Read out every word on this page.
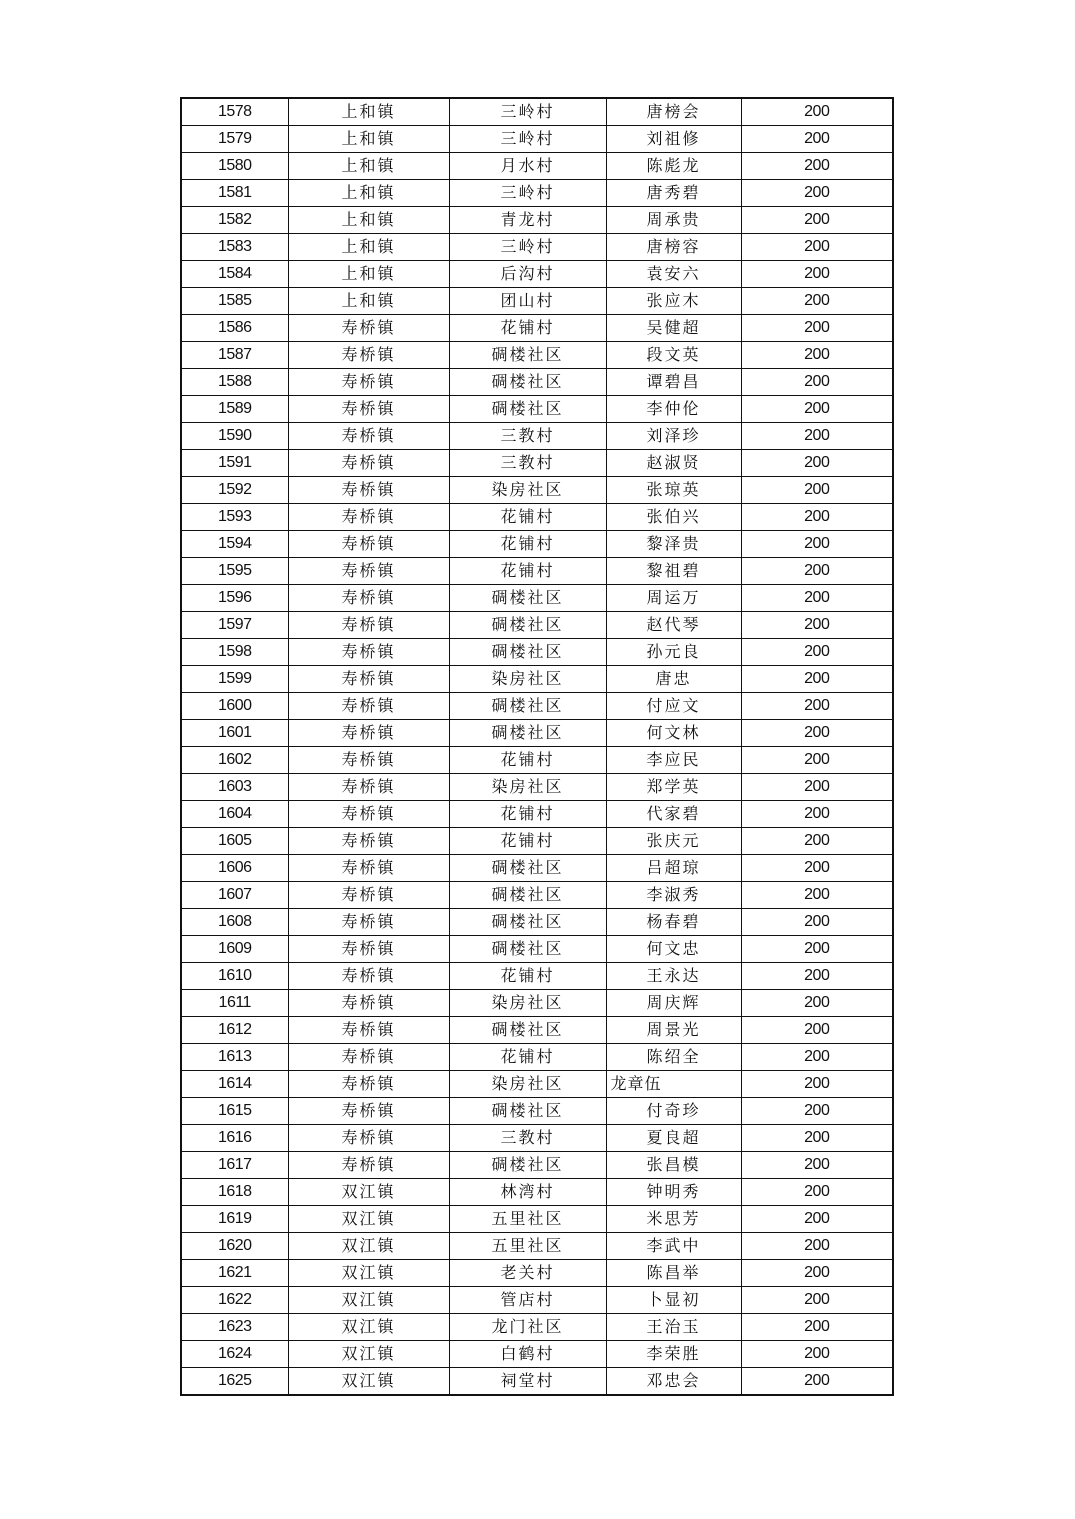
1578	上和镇	三岭村	唐榜会	200
1579	上和镇	三岭村	刘祖修	200
1580	上和镇	月水村	陈彪龙	200
1581	上和镇	三岭村	唐秀碧	200
1582	上和镇	青龙村	周承贵	200
1583	上和镇	三岭村	唐榜容	200
1584	上和镇	后沟村	袁安六	200
1585	上和镇	团山村	张应木	200
1586	寿桥镇	花铺村	吴健超	200
1587	寿桥镇	碉楼社区	段文英	200
1588	寿桥镇	碉楼社区	谭碧昌	200
1589	寿桥镇	碉楼社区	李仲伦	200
1590	寿桥镇	三教村	刘泽珍	200
1591	寿桥镇	三教村	赵淑贤	200
1592	寿桥镇	染房社区	张琼英	200
1593	寿桥镇	花铺村	张伯兴	200
1594	寿桥镇	花铺村	黎泽贵	200
1595	寿桥镇	花铺村	黎祖碧	200
1596	寿桥镇	碉楼社区	周运万	200
1597	寿桥镇	碉楼社区	赵代琴	200
1598	寿桥镇	碉楼社区	孙元良	200
1599	寿桥镇	染房社区	唐忠	200
1600	寿桥镇	碉楼社区	付应文	200
1601	寿桥镇	碉楼社区	何文林	200
1602	寿桥镇	花铺村	李应民	200
1603	寿桥镇	染房社区	郑学英	200
1604	寿桥镇	花铺村	代家碧	200
1605	寿桥镇	花铺村	张庆元	200
1606	寿桥镇	碉楼社区	吕超琼	200
1607	寿桥镇	碉楼社区	李淑秀	200
1608	寿桥镇	碉楼社区	杨春碧	200
1609	寿桥镇	碉楼社区	何文忠	200
1610	寿桥镇	花铺村	王永达	200
1611	寿桥镇	染房社区	周庆辉	200
1612	寿桥镇	碉楼社区	周景光	200
1613	寿桥镇	花铺村	陈绍全	200
1614	寿桥镇	染房社区	龙章伍	200
1615	寿桥镇	碉楼社区	付奇珍	200
1616	寿桥镇	三教村	夏良超	200
1617	寿桥镇	碉楼社区	张昌模	200
1618	双江镇	林湾村	钟明秀	200
1619	双江镇	五里社区	米思芳	200
1620	双江镇	五里社区	李武中	200
1621	双江镇	老关村	陈昌举	200
1622	双江镇	管店村	卜显初	200
1623	双江镇	龙门社区	王治玉	200
1624	双江镇	白鹤村	李荣胜	200
1625	双江镇	祠堂村	邓忠会	200
